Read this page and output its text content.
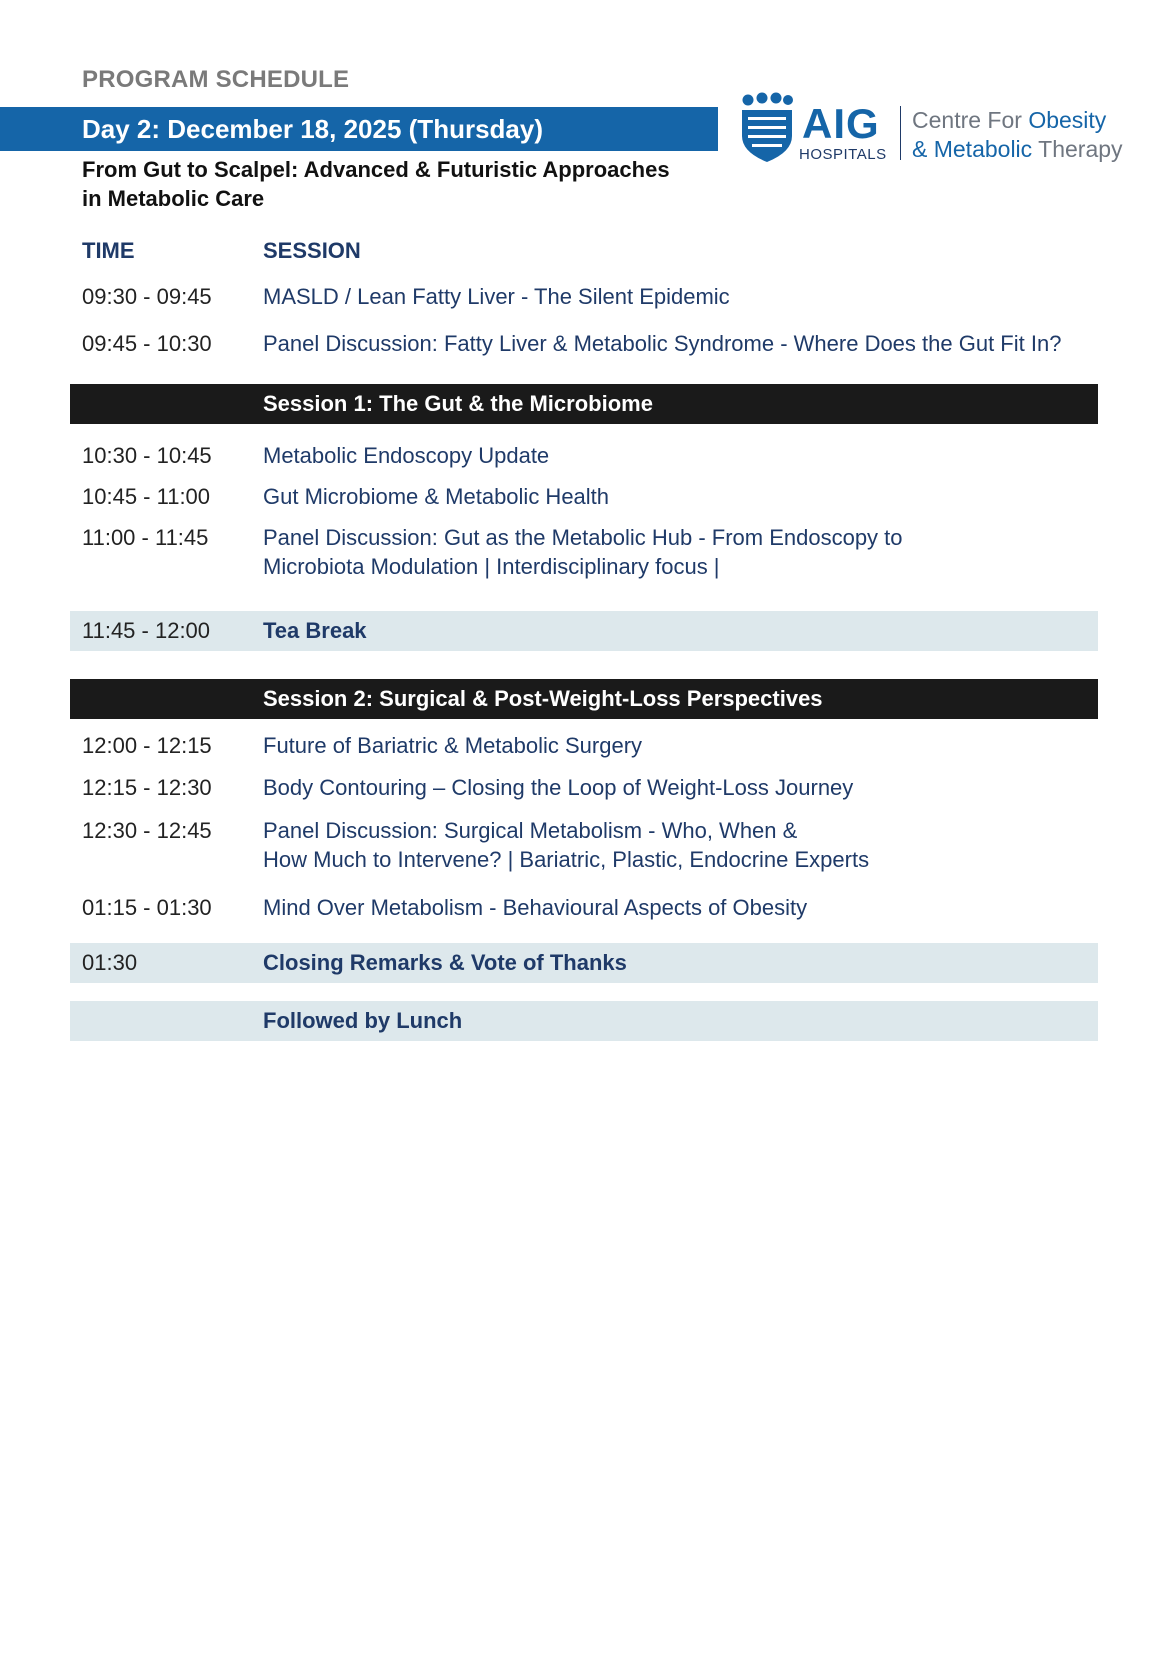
PROGRAM SCHEDULE
Day 2: December 18, 2025 (Thursday)
From Gut to Scalpel: Advanced & Futuristic Approaches
in Metabolic Care
AIG
HOSPITALS
Centre For Obesity
& Metabolic Therapy
TIME	SESSION
09:30 - 09:45 MASLD / Lean Fatty Liver - The Silent Epidemic
09:45 - 10:30 Panel Discussion: Fatty Liver & Metabolic Syndrome - Where Does the Gut Fit In?
Session 1: The Gut & the Microbiome
10:30 - 10:45 Metabolic Endoscopy Update
10:45 - 11:00 Gut Microbiome & Metabolic Health
11:00 - 11:45 Panel Discussion: Gut as the Metabolic Hub - From Endoscopy to
Microbiota Modulation | Interdisciplinary focus |
11:45 - 12:00 Tea Break
Session 2: Surgical & Post-Weight-Loss Perspectives
12:00 - 12:15 Future of Bariatric & Metabolic Surgery
12:15 - 12:30 Body Contouring – Closing the Loop of Weight-Loss Journey
12:30 - 12:45 Panel Discussion: Surgical Metabolism - Who, When &
How Much to Intervene? | Bariatric, Plastic, Endocrine Experts
01:15 - 01:30 Mind Over Metabolism - Behavioural Aspects of Obesity
01:30	Closing Remarks & Vote of Thanks
Followed by Lunch
